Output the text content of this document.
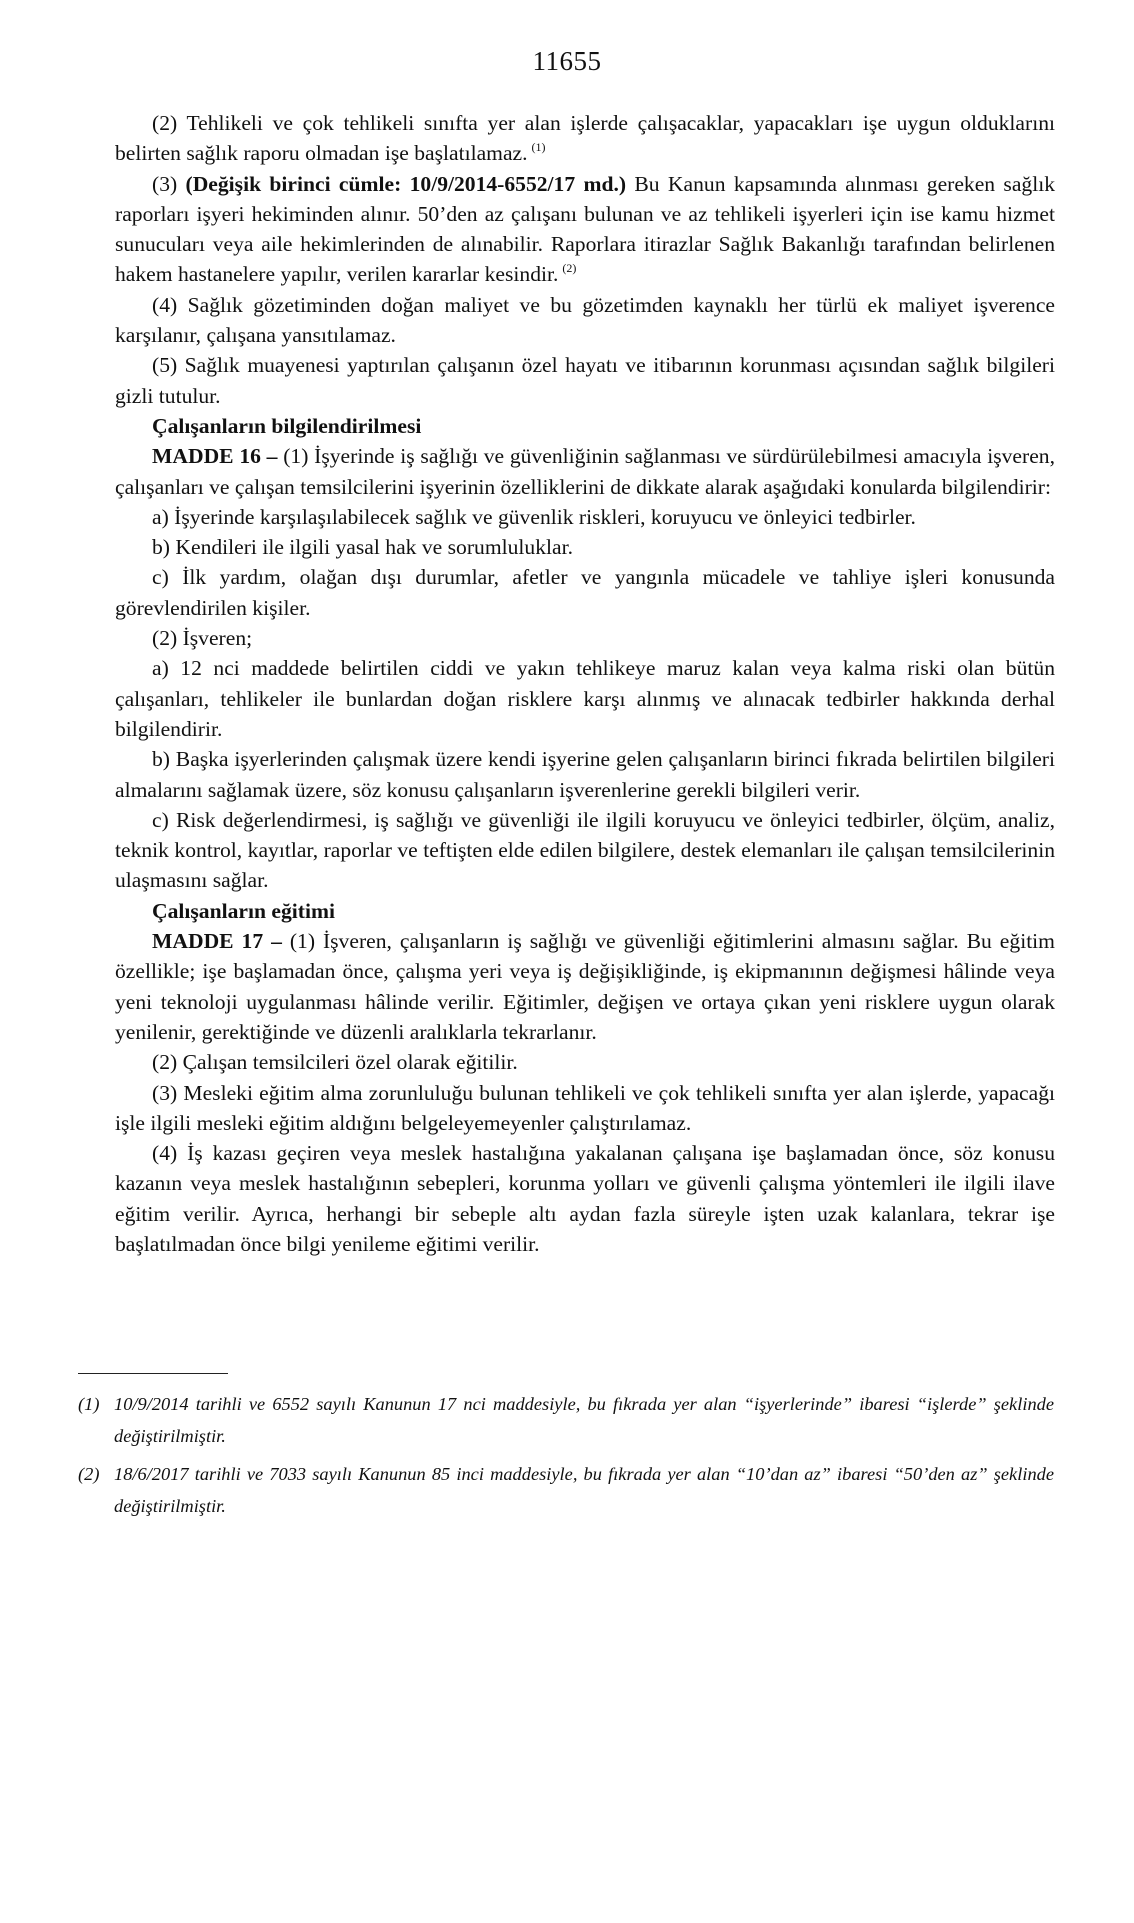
11655

(2) Tehlikeli ve çok tehlikeli sınıfta yer alan işlerde çalışacaklar, yapacakları işe uygun olduklarını belirten sağlık raporu olmadan işe başlatılamaz. $^{(1)}$

(3) (Değişik birinci cümle: 10/9/2014-6552/17 md.) Bu Kanun kapsamında alınması gereken sağlık raporları işyeri hekiminden alınır. 50’den az çalışanı bulunan ve az tehlikeli işyerleri için ise kamu hizmet sunucuları veya aile hekimlerinden de alınabilir. Raporlara itirazlar Sağlık Bakanlığı tarafından belirlenen hakem hastanelere yapılır, verilen kararlar kesindir. $^{(2)}$

(4) Sağlık gözetiminden doğan maliyet ve bu gözetimden kaynaklı her türlü ek maliyet işverence karşılanır, çalışana yansıtılamaz.

(5) Sağlık muayenesi yaptırılan çalışanın özel hayatı ve itibarının korunması açısından sağlık bilgileri gizli tutulur.

Çalışanların bilgilendirilmesi

MADDE 16 – (1) İşyerinde iş sağlığı ve güvenliğinin sağlanması ve sürdürülebilmesi amacıyla işveren, çalışanları ve çalışan temsilcilerini işyerinin özelliklerini de dikkate alarak aşağıdaki konularda bilgilendirir:

a) İşyerinde karşılaşılabilecek sağlık ve güvenlik riskleri, koruyucu ve önleyici tedbirler.

b) Kendileri ile ilgili yasal hak ve sorumluluklar.

c) İlk yardım, olağan dışı durumlar, afetler ve yangınla mücadele ve tahliye işleri konusunda görevlendirilen kişiler.

(2) İşveren;

a) 12 nci maddede belirtilen ciddi ve yakın tehlikeye maruz kalan veya kalma riski olan bütün çalışanları, tehlikeler ile bunlardan doğan risklere karşı alınmış ve alınacak tedbirler hakkında derhal bilgilendirir.

b) Başka işyerlerinden çalışmak üzere kendi işyerine gelen çalışanların birinci fıkrada belirtilen bilgileri almalarını sağlamak üzere, söz konusu çalışanların işverenlerine gerekli bilgileri verir.

c) Risk değerlendirmesi, iş sağlığı ve güvenliği ile ilgili koruyucu ve önleyici tedbirler, ölçüm, analiz, teknik kontrol, kayıtlar, raporlar ve teftişten elde edilen bilgilere, destek elemanları ile çalışan temsilcilerinin ulaşmasını sağlar.

Çalışanların eğitimi

MADDE 17 – (1) İşveren, çalışanların iş sağlığı ve güvenliği eğitimlerini almasını sağlar. Bu eğitim özellikle; işe başlamadan önce, çalışma yeri veya iş değişikliğinde, iş ekipmanının değişmesi hâlinde veya yeni teknoloji uygulanması hâlinde verilir. Eğitimler, değişen ve ortaya çıkan yeni risklere uygun olarak yenilenir, gerektiğinde ve düzenli aralıklarla tekrarlanır.

(2) Çalışan temsilcileri özel olarak eğitilir.

(3) Mesleki eğitim alma zorunluluğu bulunan tehlikeli ve çok tehlikeli sınıfta yer alan işlerde, yapacağı işle ilgili mesleki eğitim aldığını belgeleyemeyenler çalıştırılamaz.

(4) İş kazası geçiren veya meslek hastalığına yakalanan çalışana işe başlamadan önce, söz konusu kazanın veya meslek hastalığının sebepleri, korunma yolları ve güvenli çalışma yöntemleri ile ilgili ilave eğitim verilir. Ayrıca, herhangi bir sebeple altı aydan fazla süreyle işten uzak kalanlara, tekrar işe başlatılmadan önce bilgi yenileme eğitimi verilir.

(1) 10/9/2014 tarihli ve 6552 sayılı Kanunun 17 nci maddesiyle, bu fıkrada yer alan “işyerlerinde” ibaresi “işlerde” şeklinde değiştirilmiştir.
(2) 18/6/2017 tarihli ve 7033 sayılı Kanunun 85 inci maddesiyle, bu fıkrada yer alan “10’dan az” ibaresi “50’den az” şeklinde değiştirilmiştir.
